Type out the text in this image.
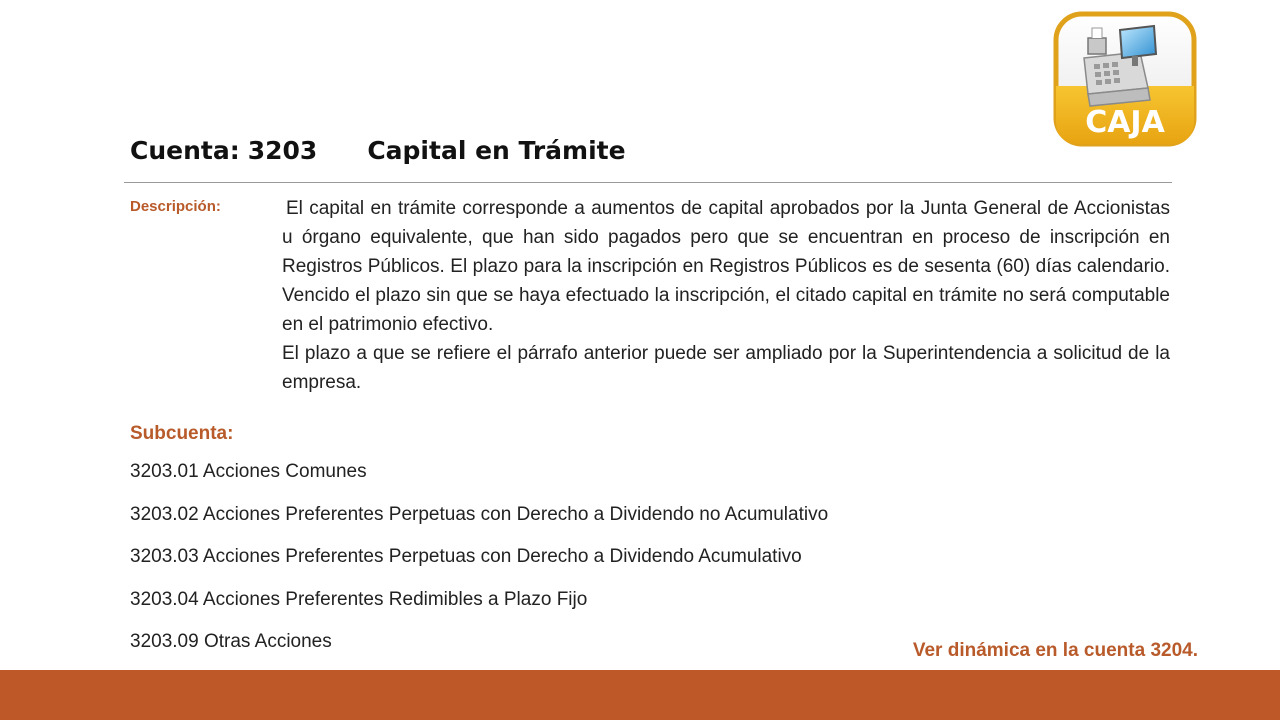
Cuenta: 3203 Capital en Trámite
Descripción:	El capital en trámite corresponde a aumentos de capital aprobados por la Junta General de Accionistas u órgano equivalente, que han sido pagados pero que se encuentran en proceso de inscripción en Registros Públicos. El plazo para la inscripción en Registros Públicos es de sesenta (60) días calendario. Vencido el plazo sin que se haya efectuado la inscripción, el citado capital en trámite no será computable en el patrimonio efectivo.

El plazo a que se refiere el párrafo anterior puede ser ampliado por la Superintendencia a solicitud de la empresa.

Subcuenta:
3203.01 Acciones Comunes
3203.02 Acciones Preferentes Perpetuas con Derecho a Dividendo no Acumulativo
3203.03 Acciones Preferentes Perpetuas con Derecho a Dividendo Acumulativo
3203.04 Acciones Preferentes Redimibles a Plazo Fijo
3203.09 Otras Acciones	Ver dinámica en la cuenta 3204.
CAJA
